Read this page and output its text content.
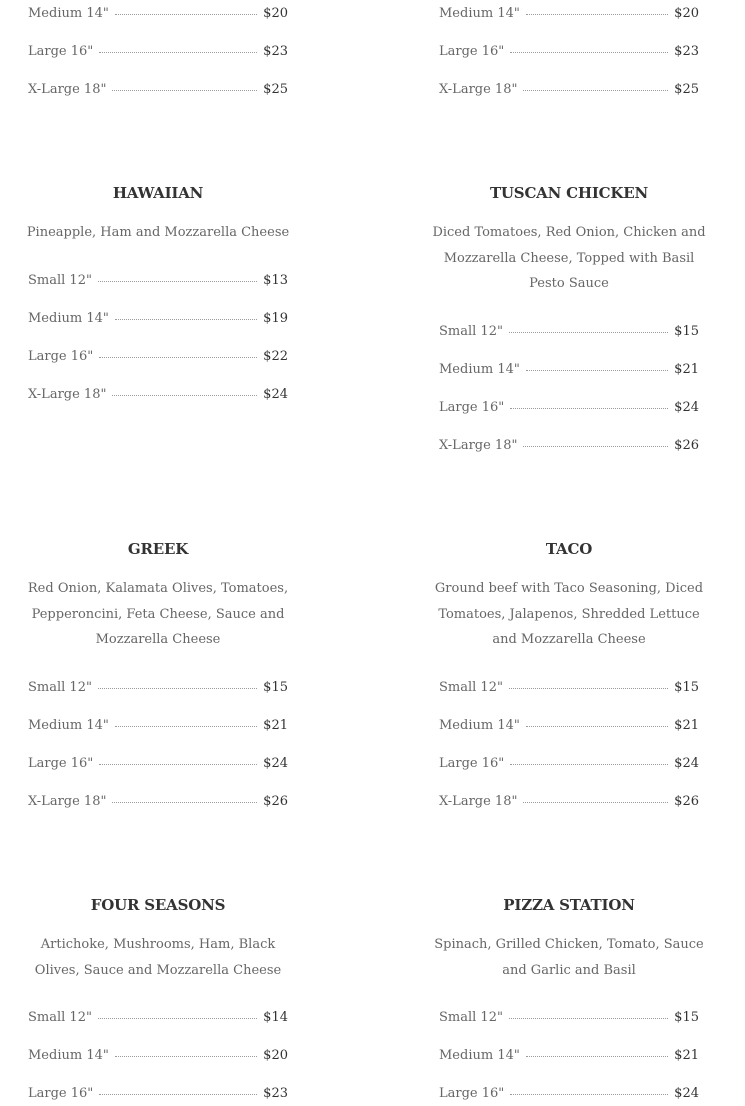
Medium 14"	$20
Large 16"	$23
X-Large 18"	$25
HAWAIIAN
Pineapple, Ham and Mozzarella Cheese
Small 12"	$13
Medium 14"	$19
Large 16"	$22
X-Large 18"	$24
GREEK
Red Onion, Kalamata Olives, Tomatoes, Pepperoncini, Feta Cheese, Sauce and Mozzarella Cheese
Small 12"	$15
Medium 14"	$21
Large 16"	$24
X-Large 18"	$26
FOUR SEASONS
Artichoke, Mushrooms, Ham, Black Olives, Sauce and Mozzarella Cheese
Small 12"	$14
Medium 14"	$20
Large 16"	$23
Medium 14"	$20
Large 16"	$23
X-Large 18"	$25
TUSCAN CHICKEN
Diced Tomatoes, Red Onion, Chicken and Mozzarella Cheese, Topped with Basil Pesto Sauce
Small 12"	$15
Medium 14"	$21
Large 16"	$24
X-Large 18"	$26
TACO
Ground beef with Taco Seasoning, Diced Tomatoes, Jalapenos, Shredded Lettuce and Mozzarella Cheese
Small 12"	$15
Medium 14"	$21
Large 16"	$24
X-Large 18"	$26
PIZZA STATION
Spinach, Grilled Chicken, Tomato, Sauce and Garlic and Basil
Small 12"	$15
Medium 14"	$21
Large 16"	$24
